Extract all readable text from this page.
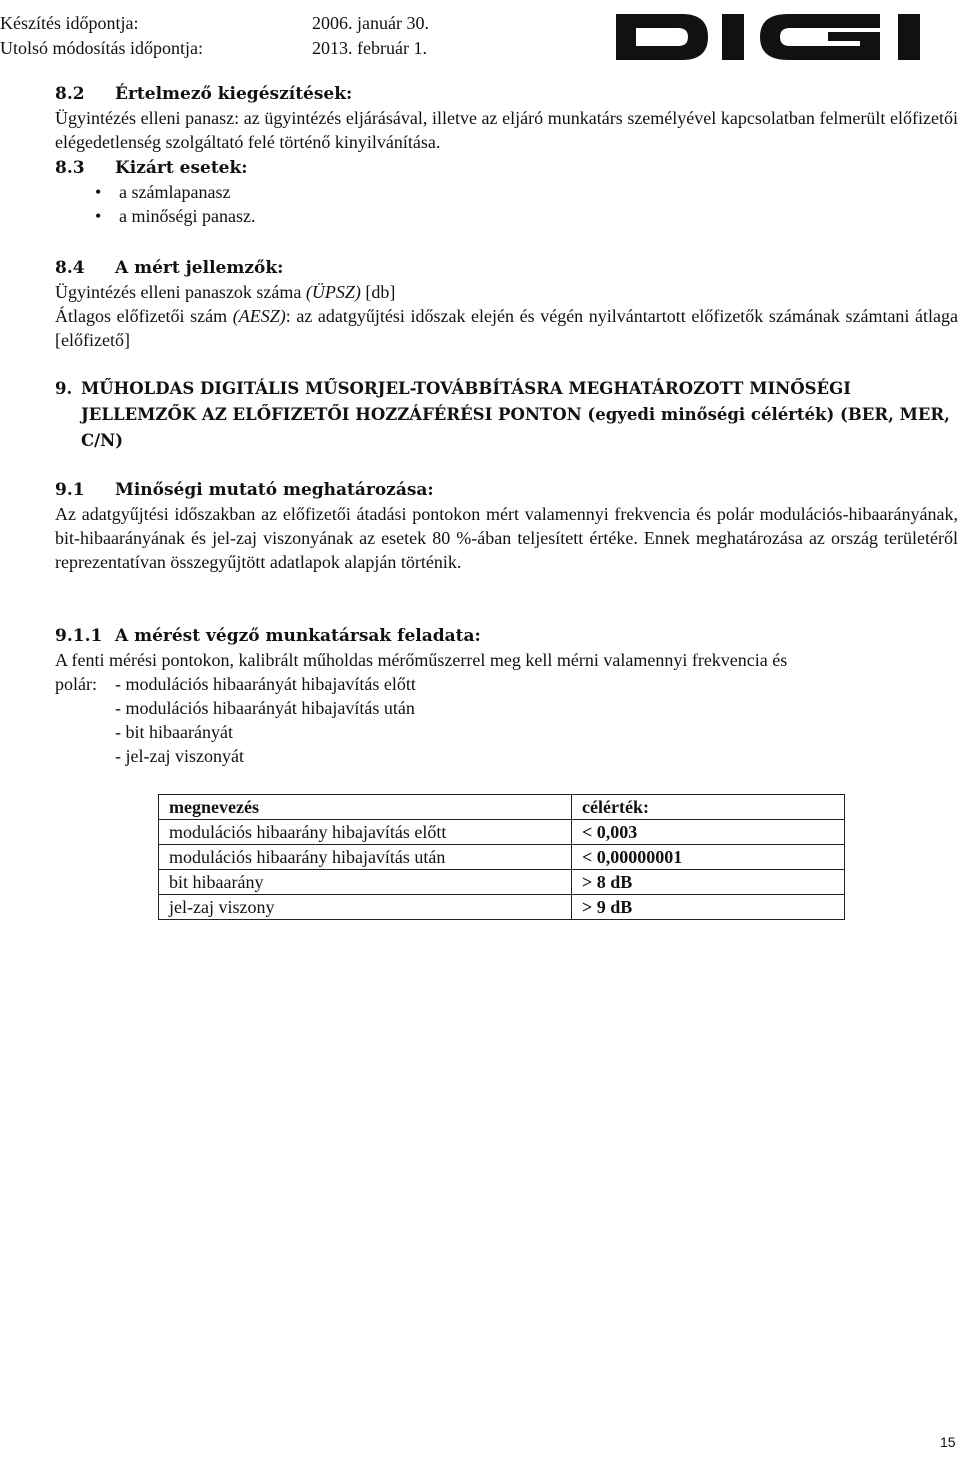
Készítés időpontja:	2006. január 30.
Utolsó módosítás időpontja:	2013. február 1.
DIGI
8.2 Értelmező kiegészítések:
Ügyintézés elleni panasz: az ügyintézés eljárásával, illetve az eljáró munkatárs személyével kapcsolatban felmerült előfizetői elégedetlenség szolgáltató felé történő kinyilvánítása.
8.3 Kizárt esetek:
• a számlapanasz
• a minőségi panasz.
8.4 A mért jellemzők:
Ügyintézés elleni panaszok száma (ÜPSZ) [db]
Átlagos előfizetői szám (AESZ): az adatgyűjtési időszak elején és végén nyilvántartott előfizetők számának számtani átlaga [előfizető]
9. MŰHOLDAS DIGITÁLIS MŰSORJEL-TOVÁBBÍTÁSRA MEGHATÁROZOTT MINŐSÉGI JELLEMZŐK AZ ELŐFIZETŐI HOZZÁFÉRÉSI PONTON (egyedi minőségi célérték) (BER, MER, C/N)
9.1 Minőségi mutató meghatározása:
Az adatgyűjtési időszakban az előfizetői átadási pontokon mért valamennyi frekvencia és polár modulációs-hibaarányának, bit-hibaarányának és jel-zaj viszonyának az esetek 80 %-ában teljesített értéke. Ennek meghatározása az ország területéről reprezentatívan összegyűjtött adatlapok alapján történik.
9.1.1 A mérést végző munkatársak feladata:
A fenti mérési pontokon, kalibrált műholdas mérőműszerrel meg kell mérni valamennyi frekvencia és
polár:	- modulációs hibaarányát hibajavítás előtt
- modulációs hibaarányát hibajavítás után
- bit hibaarányát
- jel-zaj viszonyát
megnevezés	célérték:
modulációs hibaarány hibajavítás előtt	< 0,003
modulációs hibaarány hibajavítás után	< 0,00000001
bit hibaarány	> 8 dB
jel-zaj viszony	> 9 dB
15
